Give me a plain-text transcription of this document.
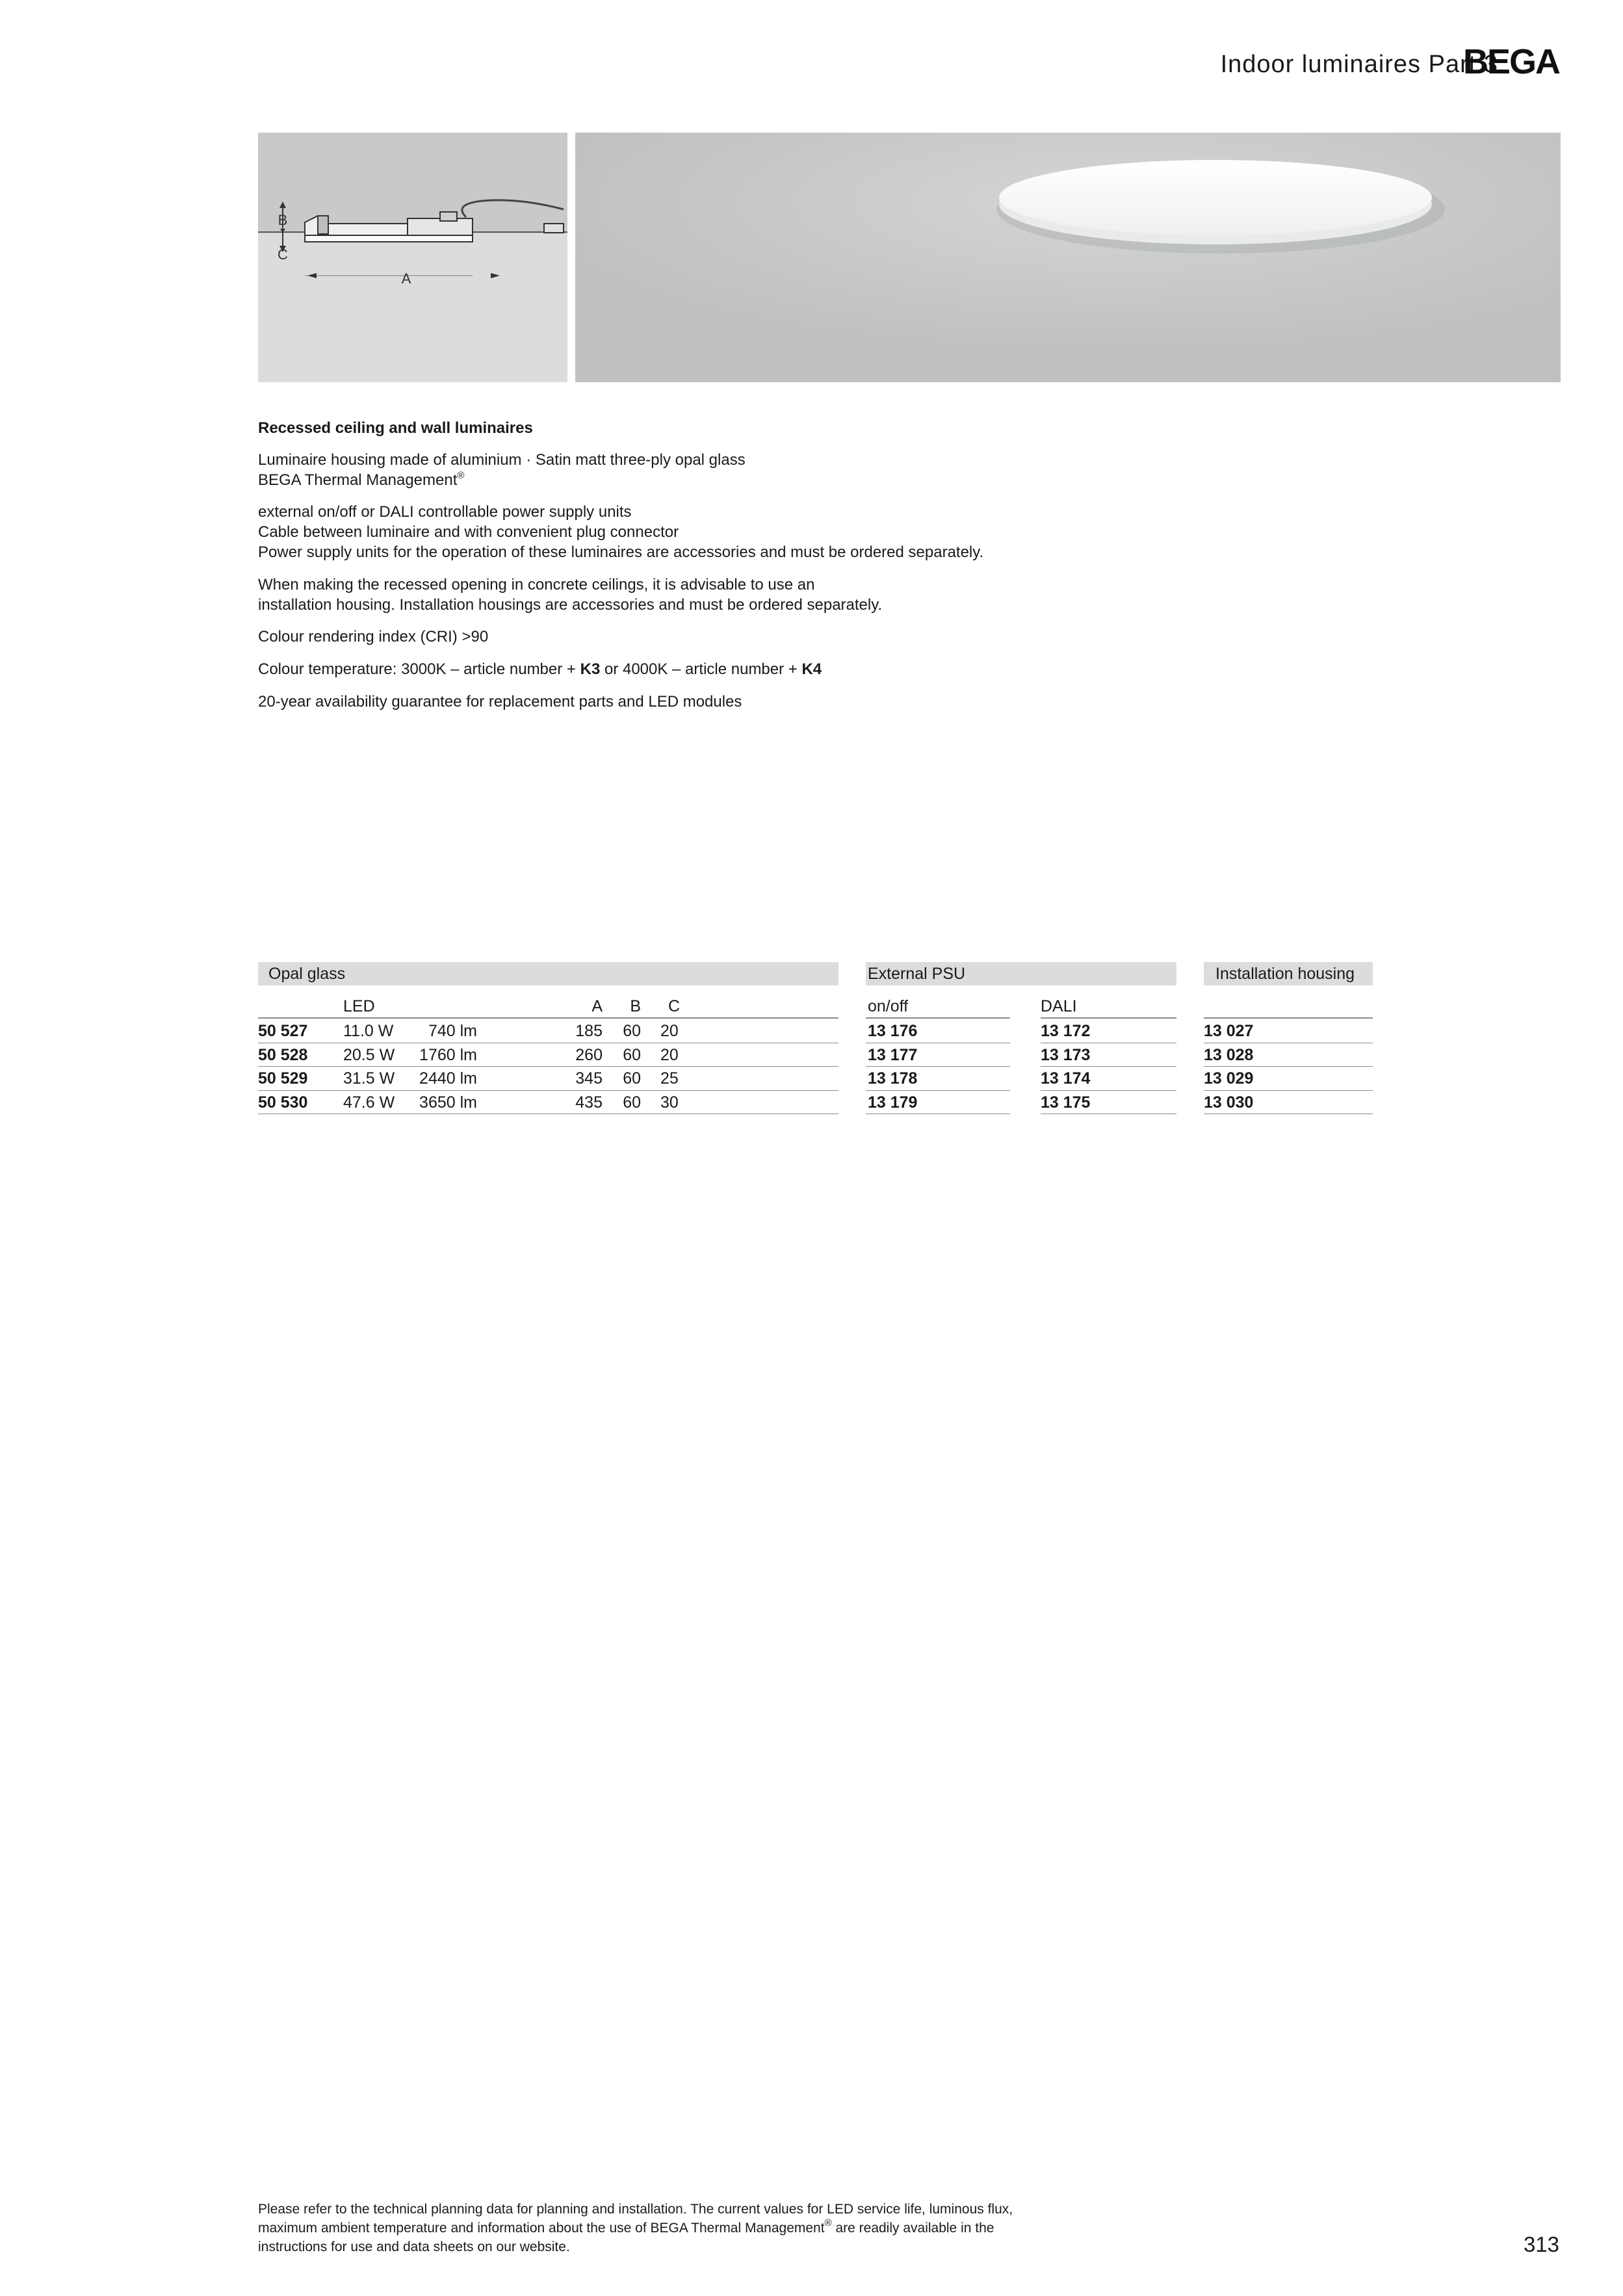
Indoor luminaires Part 3
BEGA
B
C
A
Recessed ceiling and wall luminaires
Luminaire housing made of aluminium · Satin matt three-ply opal glass
BEGA Thermal Management®
external on/off or DALI controllable power supply units
Cable between luminaire and with convenient plug connector
Power supply units for the operation of these luminaires are accessories and must be ordered separately.
When making the recessed opening in concrete ceilings, it is advisable to use an
installation housing. Installation housings are accessories and must be ordered separately.
Colour rendering index (CRI) >90
Colour temperature: 3000K – article number + K3 or 4000K – article number + K4
20-year availability guarantee for replacement parts and LED modules
Opal glass	External PSU	Installation housing
LED	A	B C	on/off	DALI
50 527	11.0 W	740 lm	185	60 20	13 176	13 172	13 027
50 528	20.5 W 1760 lm	260	60 20	13 177	13 173	13 028
50 529	31.5 W 2440 lm	345	60 25	13 178	13 174	13 029
50 530	47.6 W 3650 lm	435	60 30	13 179	13 175	13 030
Please refer to the technical planning data for planning and installation. The current values for LED service life, luminous flux,
maximum ambient temperature and information about the use of BEGA Thermal Management® are readily available in the
instructions for use and data sheets on our website.	313
